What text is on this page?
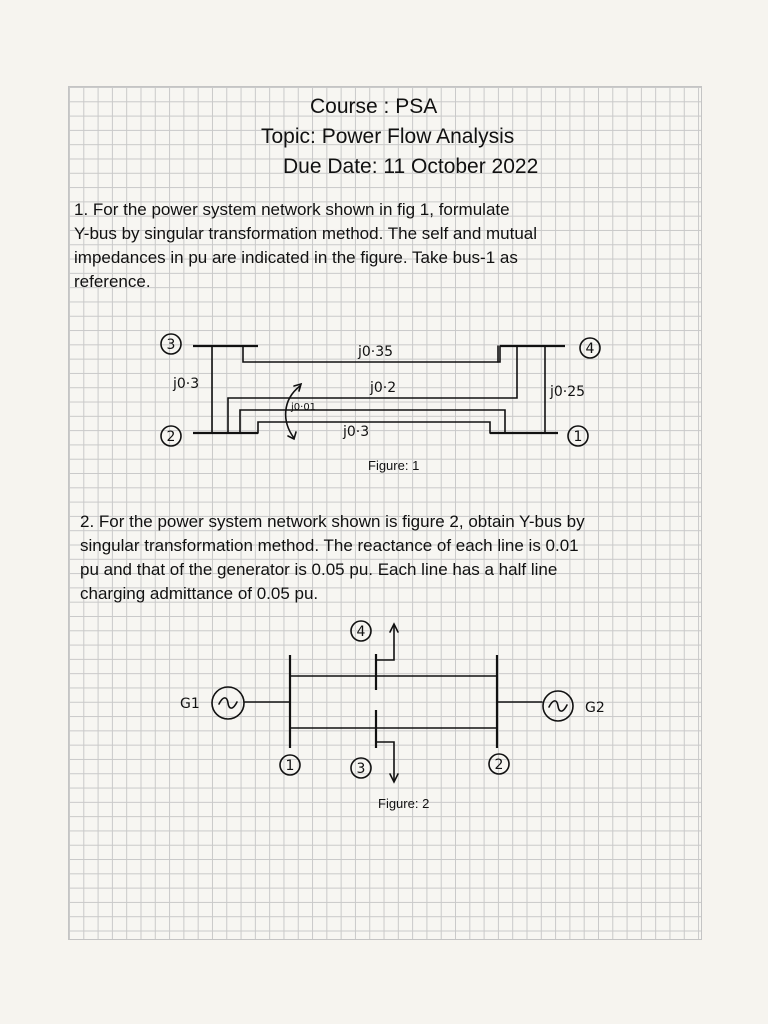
Course : PSA
Topic: Power Flow Analysis
Due Date: 11 October 2022
1. For the power system network shown in fig 1, formulate
Y-bus by singular transformation method. The self and mutual
impedances in pu are indicated in the figure. Take bus-1 as
reference.
3	4
2	1
j0·35
j0·3	j0·25
j0·2
j0·3
j0·01
Figure: 1
2. For the power system network shown is figure 2, obtain Y-bus by
singular transformation method. The reactance of each line is 0.01
pu and that of the generator is 0.05 pu. Each line has a half line
charging admittance of 0.05 pu.
G1	G2
4
1	3	2
Figure: 2
